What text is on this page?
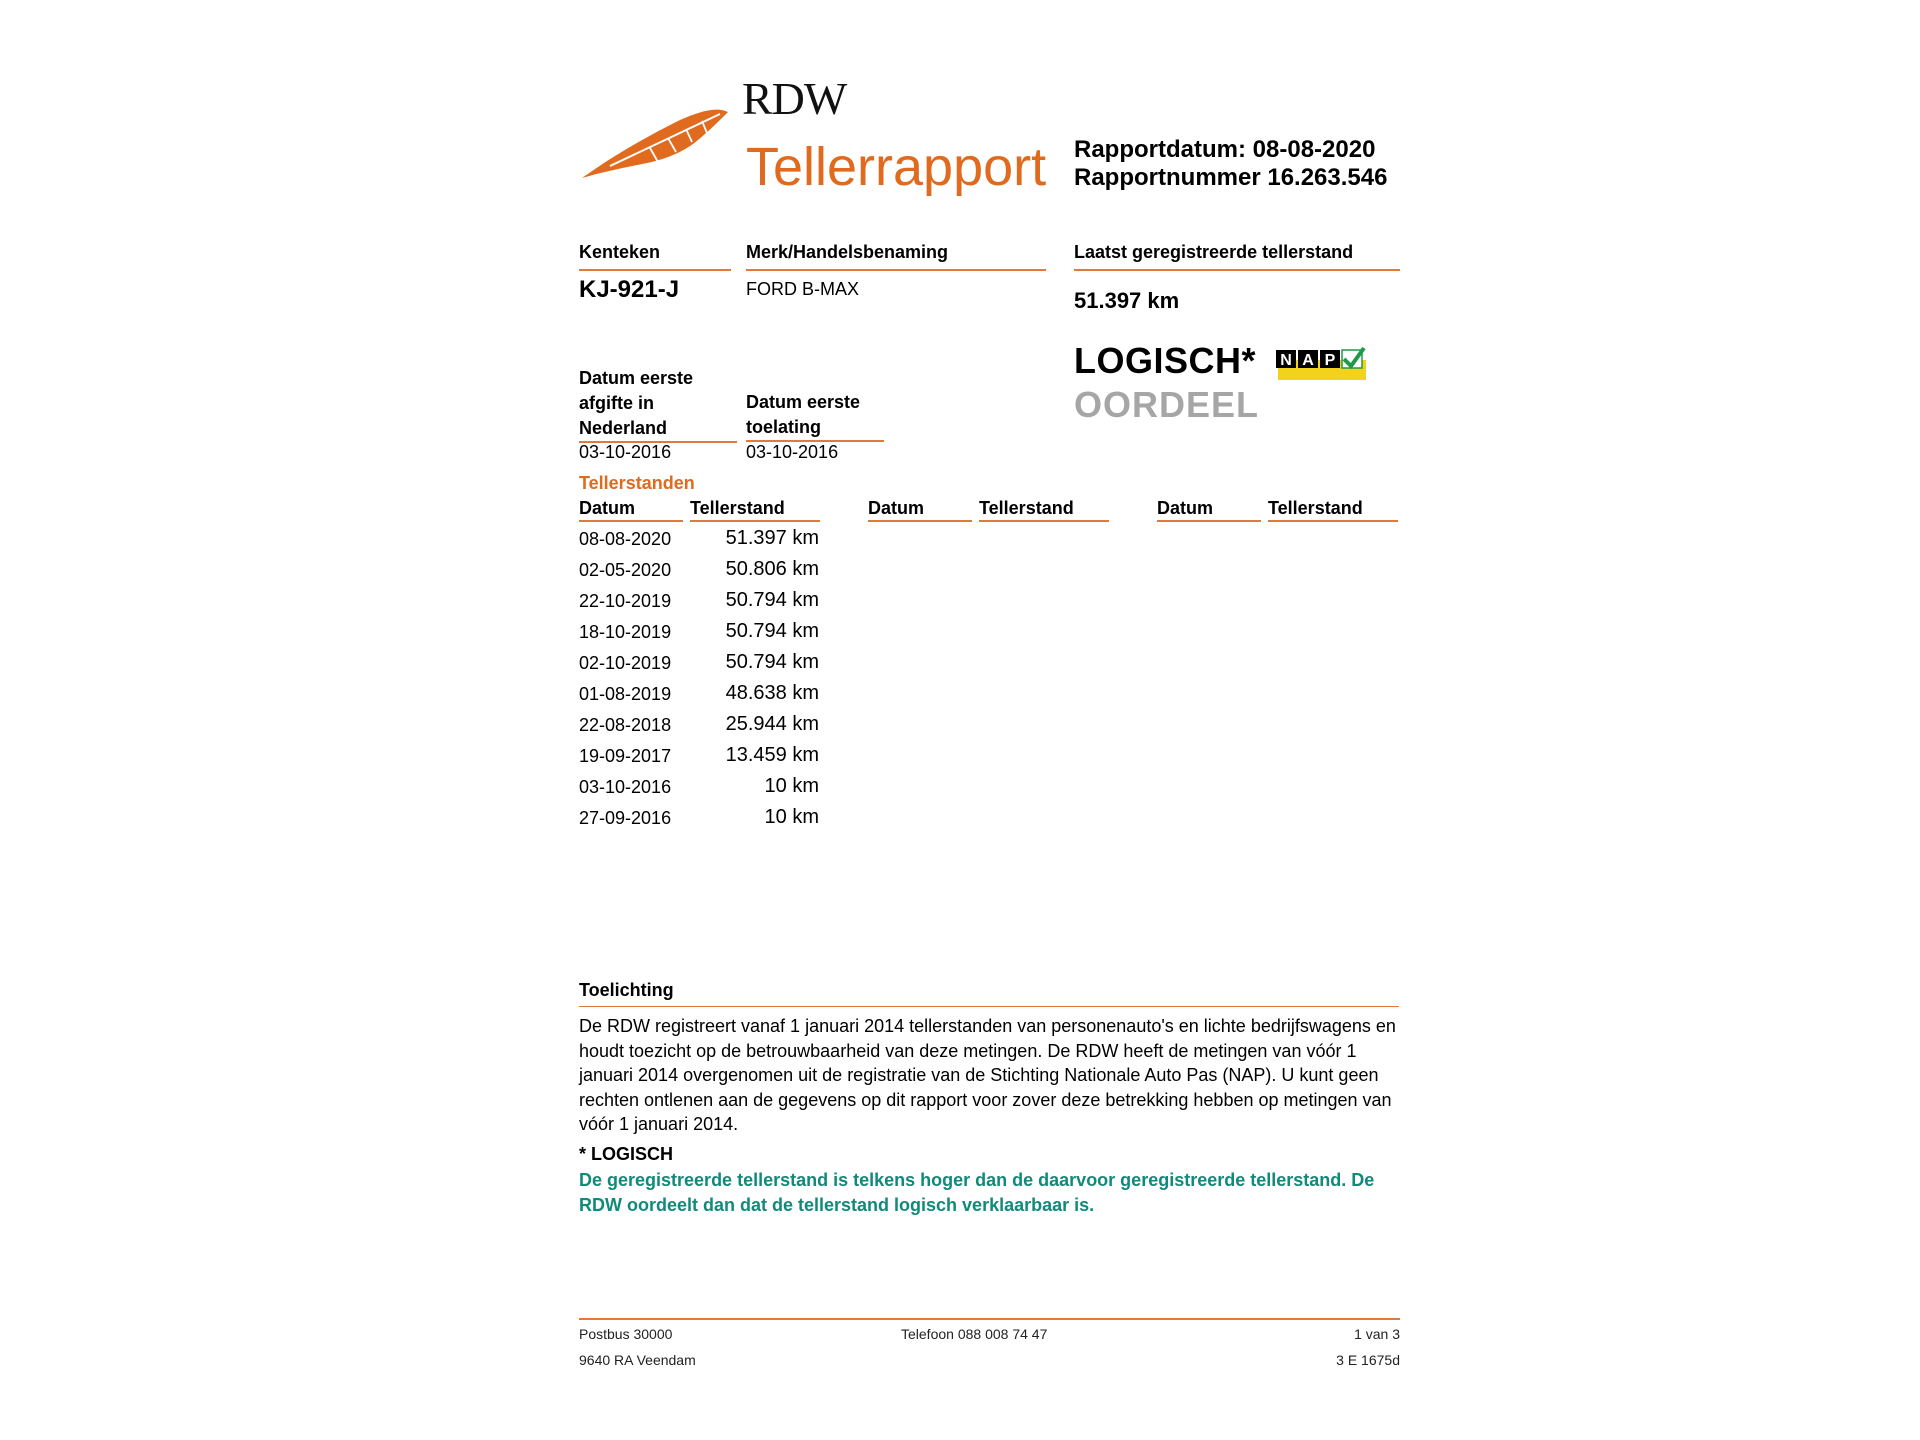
RDW
Tellerrapport Rapportdatum: 08-08-2020
Rapportnummer 16.263.546
Kenteken	Merk/Handelsbenaming	Laatst geregistreerde tellerstand
KJ-921-J	FORD B-MAX	51.397 km
LOGISCH*
OORDEEL
N A P
Datum eerste afgifte in Nederland
Datum eerste toelating
03-10-2016	03-10-2016
Tellerstanden
Datum	Tellerstand	Datum	Tellerstand	Datum	Tellerstand
08-08-2020	51.397 km
02-05-2020	50.806 km
22-10-2019	50.794 km
18-10-2019	50.794 km
02-10-2019	50.794 km
01-08-2019	48.638 km
22-08-2018	25.944 km
19-09-2017	13.459 km
03-10-2016	10 km
27-09-2016	10 km
Toelichting
De RDW registreert vanaf 1 januari 2014 tellerstanden van personenauto's en lichte bedrijfswagens en houdt toezicht op de betrouwbaarheid van deze metingen. De RDW heeft de metingen van vóór 1 januari 2014 overgenomen uit de registratie van de Stichting Nationale Auto Pas (NAP). U kunt geen rechten ontlenen aan de gegevens op dit rapport voor zover deze betrekking hebben op metingen van vóór 1 januari 2014.
* LOGISCH
De geregistreerde tellerstand is telkens hoger dan de daarvoor geregistreerde tellerstand. De RDW oordeelt dan dat de tellerstand logisch verklaarbaar is.
Postbus 30000
9640 RA Veendam
Telefoon 088 008 74 47	1 van 3
3 E 1675d
